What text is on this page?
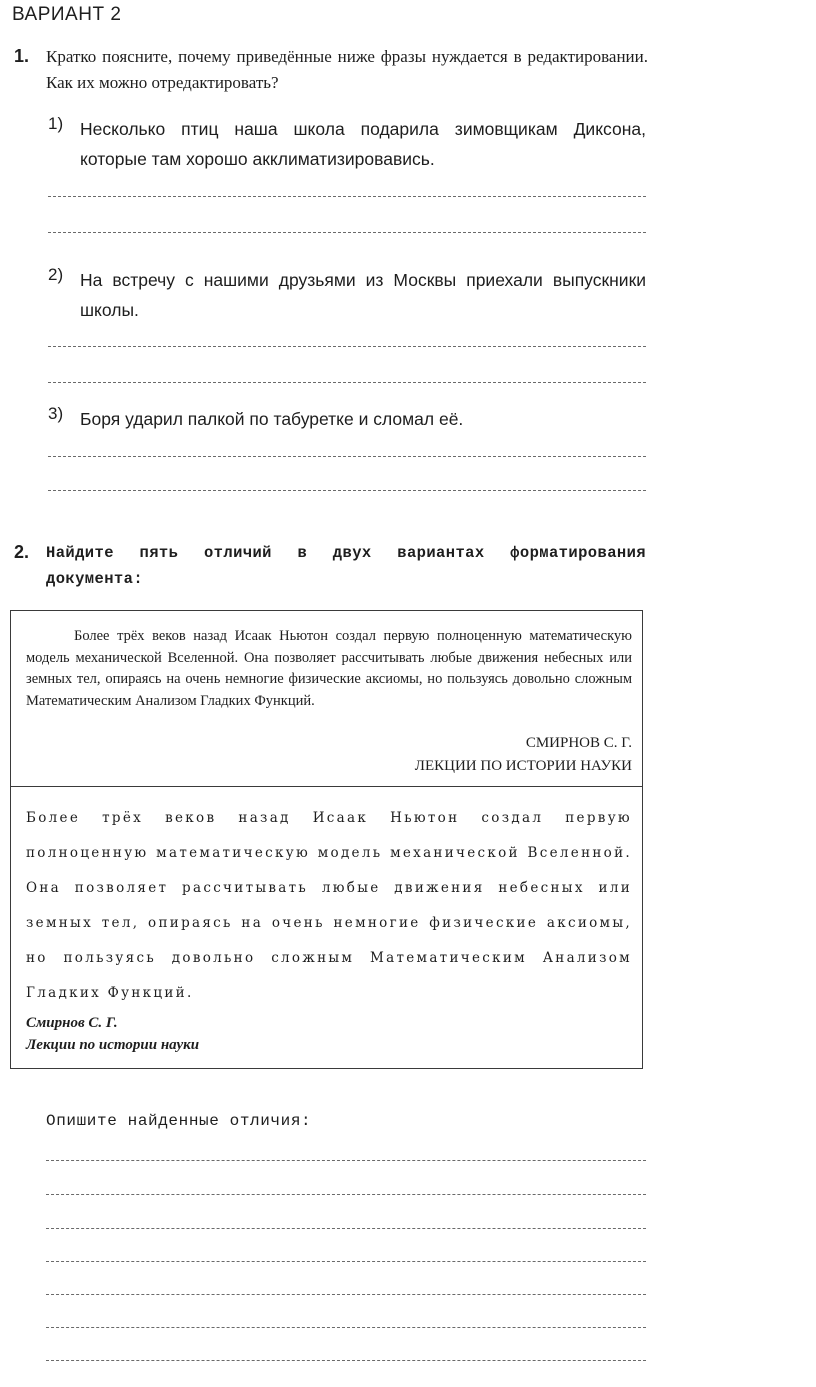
ВАРИАНТ 2
1. Кратко поясните, почему приведённые ниже фразы нуждается в редактировании. Как их можно отредактировать?
1) Несколько птиц наша школа подарила зимовщикам Диксона, которые там хорошо акклиматизировавись.
2) На встречу с нашими друзьями из Москвы приехали выпускники школы.
3) Боря ударил палкой по табуретке и сломал её.
2. Найдите пять отличий в двух вариантах форматирования документа:

Более трёх веков назад Исаак Ньютон создал первую полноценную математическую модель механической Вселенной. Она позволяет рассчитывать любые движения небесных или земных тел, опираясь на очень немногие физические аксиомы, но пользуясь довольно сложным Математическим Анализом Гладких Функций.

СМИРНОВ С. Г.
ЛЕКЦИИ ПО ИСТОРИИ НАУКИ
Более трёх веков назад Исаак Ньютон создал первую полноценную математическую модель механической Вселенной. Она позволяет рассчитывать любые движения небесных или земных тел, опираясь на очень немногие физические аксиомы, но пользуясь довольно сложным Математическим Анализом Гладких Функций.
Смирнов С. Г.
Лекции по истории науки
Опишите найденные отличия:
